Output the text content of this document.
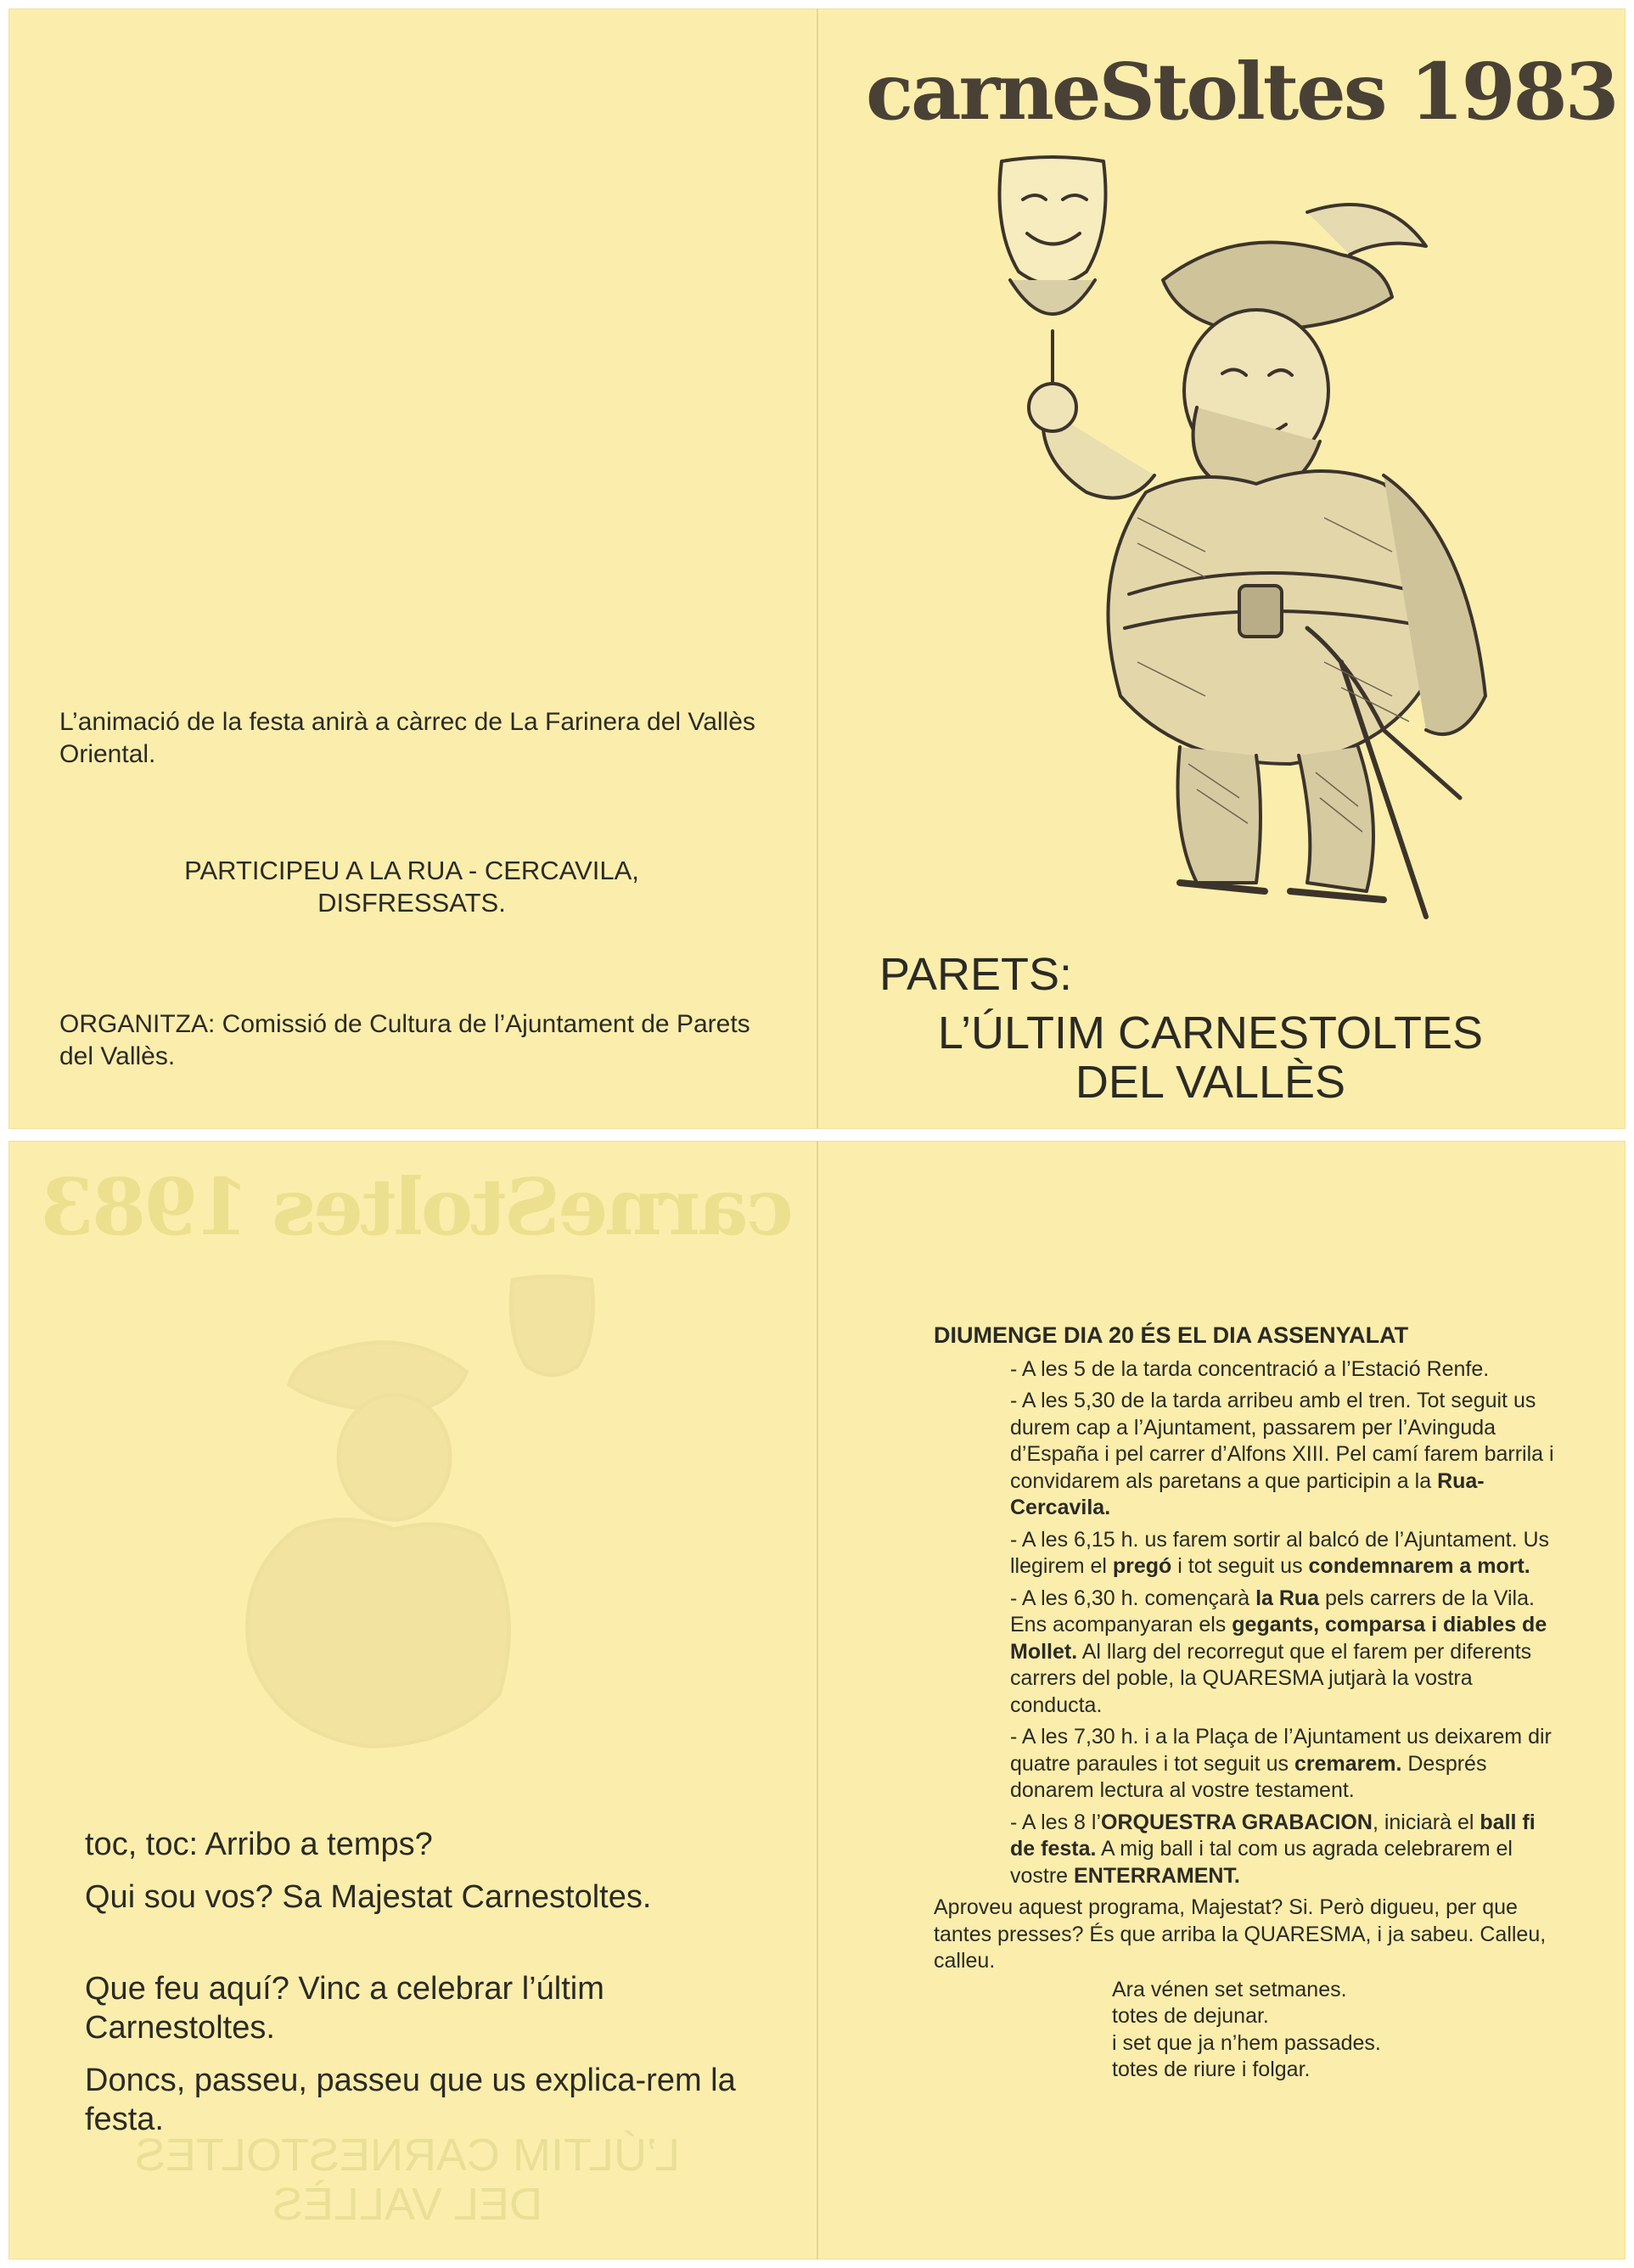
L’animació de la festa anirà a càrrec de La Farinera del Vallès Oriental.
PARTICIPEU A LA RUA - CERCAVILA,
DISFRESSATS.
ORGANITZA: Comissió de Cultura de l’Ajuntament de Parets del Vallès.
carneStoltes 1983
PARETS:
L’ÚLTIM CARNESTOLTES
DEL VALLÈS
carneStoltes 1983
L’ÚLTIM CARNESTOLTES
DEL VALLÈS
toc, toc: Arribo a temps?
Qui sou vos? Sa Majestat Carnestoltes.
Que feu aquí? Vinc a celebrar l’últim Carnestoltes.
Doncs, passeu, passeu que us explica-rem la festa.
DIUMENGE DIA 20 ÉS EL DIA ASSENYALAT
- A les 5 de la tarda concentració a l’Estació Renfe.
- A les 5,30 de la tarda arribeu amb el tren. Tot seguit us durem cap a l’Ajuntament, passarem per l’Avinguda d’España i pel carrer d’Alfons XIII. Pel camí farem barrila i convidarem als paretans a que participin a la Rua-Cercavila.
- A les 6,15 h. us farem sortir al balcó de l’Ajuntament. Us llegirem el pregó i tot seguit us condemnarem a mort.
- A les 6,30 h. començarà la Rua pels carrers de la Vila. Ens acompanyaran els gegants, comparsa i diables de Mollet. Al llarg del recorregut que el farem per diferents carrers del poble, la QUARESMA jutjarà la vostra conducta.
- A les 7,30 h. i a la Plaça de l’Ajuntament us deixarem dir quatre paraules i tot seguit us cremarem. Després donarem lectura al vostre testament.
- A les 8 l’ORQUESTRA GRABACION, iniciarà el ball fi de festa. A mig ball i tal com us agrada celebrarem el vostre ENTERRAMENT.
Aproveu aquest programa, Majestat? Si. Però digueu, per que tantes presses? És que arriba la QUARESMA, i ja sabeu. Calleu, calleu.
Ara vénen set setmanes.
totes de dejunar.
i set que ja n’hem passades.
totes de riure i folgar.
